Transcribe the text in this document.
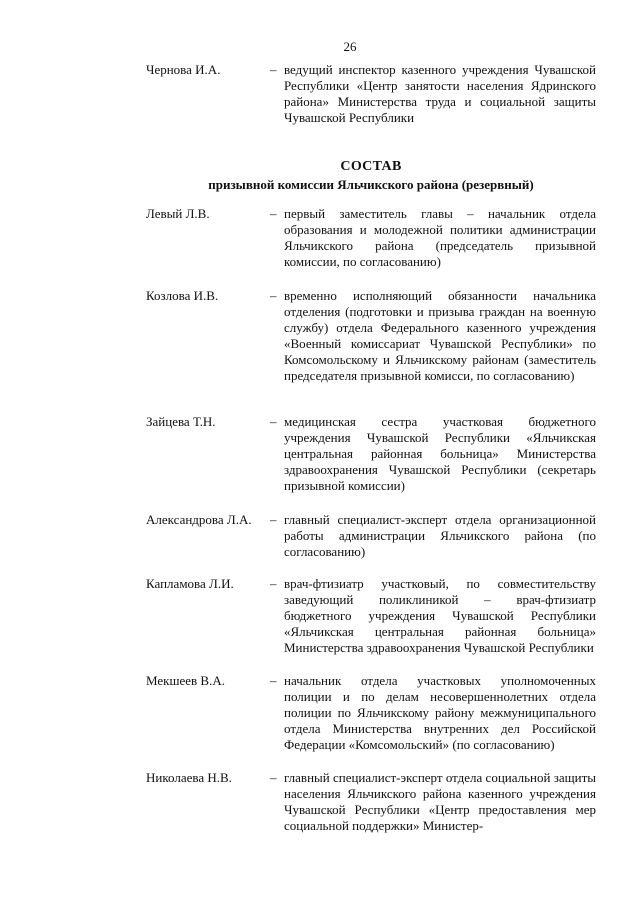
26
Чернова И.А.	– ведущий инспектор казенного учреждения Чувашской Республики «Центр занятости населения Ядринского района» Министерства труда и социальной защиты Чувашской Республики
СОСТАВ
призывной комиссии Яльчикского района (резервный)
Левый Л.В.	– первый заместитель главы – начальник отдела образования и молодежной политики администрации Яльчикского района (председатель призывной комиссии, по согласованию)
Козлова И.В.	– временно исполняющий обязанности начальника отделения (подготовки и призыва граждан на военную службу) отдела Федерального казенного учреждения «Военный комиссариат Чувашской Республики» по Комсомольскому и Яльчикскому районам (заместитель председателя призывной комисси, по согласованию)
Зайцева Т.Н.	– медицинская сестра участковая бюджетного учреждения Чувашской Республики «Яльчикская центральная районная больница» Министерства здравоохранения Чувашской Республики (секретарь призывной комиссии)
Александрова Л.А. – главный специалист-эксперт отдела организационной работы администрации Яльчикского района (по согласованию)
Капламова Л.И.	– врач-фтизиатр участковый, по совместительству заведующий поликлиникой – врач-фтизиатр бюджетного учреждения Чувашской Республики «Яльчикская центральная районная больница» Министерства здравоохранения Чувашской Республики
Мекшеев В.А.	– начальник отдела участковых уполномоченных полиции и по делам несовершеннолетних отдела полиции по Яльчикскому району межмуниципального отдела Министерства внутренних дел Российской Федерации «Комсомольский» (по согласованию)
Николаева Н.В.	– главный специалист-эксперт отдела социальной защиты населения Яльчикского района казенного учреждения Чувашской Республики «Центр предоставления мер социальной поддержки» Министер-
